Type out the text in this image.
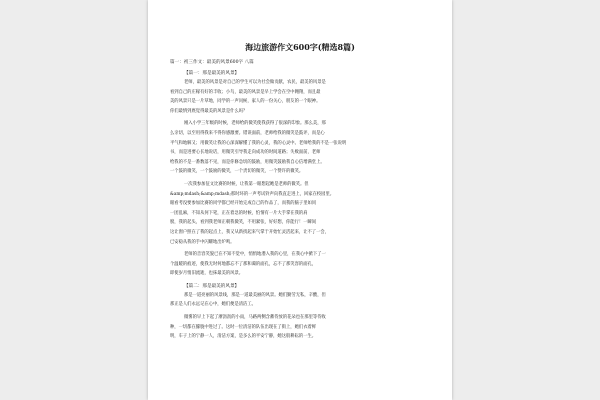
海边旅游作文600字(精选8篇)
篇一：初三作文：最美的风景600字 八篇
【篇一：那是最美的风景】
老师，最美的风景是对自己的学生可以为社会做贡献，农民，最美的风景是
看到自己的庄稼有好的丰收；小鸟，最美的风景是早上学会在空中翱翔，而且最
美的风景只是一片草地，同学的一声问候，家人的一份关心，朋友的一个眼神。
你们最情到底觉得最美的风景是什么吗？
刚入小学三年级的时候，老师给的微笑使我获得了很深的印象。那么美，那
么亲切，以至用得我来不得你感激要。错误面前，老师给我的微笑是鼓评，而是心
平气和地解又；用微笑让我的心深深解懂了我的心灵，我的心灵中。老师给我的不是一张说明
书，而是进要心长地说话，用微笑引导我走向成功的时间道路；失败面前，老师
给我的不是一番数落不见，而是你修急切的鼓励，用微笑鼓励我自心信增满堂上。
一个鼓的微笑，一个鼓励的微笑，一个责切的微笑，一个赞许的微笑。
一次我参加征文比赛的时候，让我第一眼想起她是老师的微笑。但
&amp;mdash;&amp;mdash;那时环的一声考试铃声向我直走进上，回家在校园里。
眼看考没要参加比赛的同学都已经开始完成自己的作品了，而我的脑子里如同
一团乱麻，不知从何下笔，正在着急的时候，怕情有一片大手掌在我的肩
膀，我的起头，看到我老师正朝我微笑，不用紧张，好好想，你能行！一瞬间
这让窗户照在了我的起点上，我又从新找起来气掌于开始忙灵活起来，让不了一会，
已安稳从我的手中闪耀地出炉鸣。
老师的音容笑貌已在不知不觉中，悄悄地潜入我的心里，在我心中掀下了一
个温暖的痕迹，使我无时何地都忘不了那和蔼的面孔，忘不了那笑容的面孔，
即使岁月悄旧流逝，也抹最美的风景。
【篇二：那是最美的风景】
那是一道亮丽的风景线，那是一道最美丽的风景。她们勤劳无私，辛酸，但
那正是人们永远记在心中，她们便是清洁工。
微雾的早上下起了淅沥沥的小雨，马路两侧含蓄待放的花朵也在那里等待收
种，一切都在朦胧中进过了。这时一位清洁的队伍出现在了街上，她们衣着鲜
明，车子上的宁静一人，清洁方案，是多么的平安宁静，她这般耕耘的一生。
